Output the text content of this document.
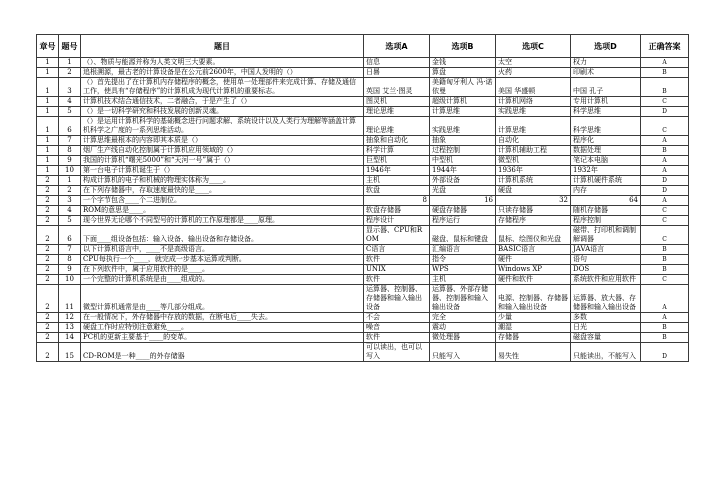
章号	题号	题目	选项A	选项B	选项C	选项D	正确答案
1	1	（）、物质与能源并称为人类文明三大要素。	信息	金钱	太空	权力	A
1	2	追根溯源，最古老的计算设备是在公元前2600年，中国人发明的（）	日晷	算盘	火药	印刷术	B
1	3	（）首先提出了在计算机内存储程序的概念，使用单一处理部件来完成计算、存储及通信工作，使具有“存储程序”的计算机成为现代计算机的重要标志。	英国 艾兰·图灵	美籍匈牙利人 冯·诺依曼	美国 华盛顿	中国 孔子	B
1	4	计算机技术结合通信技术，二者融合，于是产生了（）	图灵机	超级计算机	计算机网络	专用计算机	C
1	5	（）是一切科学研究和科技发展的创新灵魂。	理论思维	计算思维	实践思维	科学思维	D
1	6	（）是运用计算机科学的基础概念进行问题求解、系统设计以及人类行为理解等涵盖计算机科学之广度的一系列思维活动。	理论思维	实践思维	计算思维	科学思维	C
1	7	计算思维最根本的内容即其本质是（）	抽象和自动化	抽象	自动化	程序化	A
1	8	烟厂生产线自动化控制属于计算机应用领域的（）	科学计算	过程控制	计算机辅助工程	数据处理	B
1	9	我国的计算机“曙光5000”和“天河一号”属于（）	巨型机	中型机	微型机	笔记本电脑	A
1	10	第一台电子计算机诞生于（）	1946年	1944年	1936年	1932年	A
2	1	构成计算机的电子和机械的物理实体称为____。	主机	外部设备	计算机系统	计算机硬件系统	D
2	2	在下列存储器中，存取速度最快的是____。	软盘	光盘	硬盘	内存	D
2	3	一个字节包含____个二进制位。	8	16	32	64	A
2	4	ROM的意思是____。	软盘存储器	硬盘存储器	只读存储器	随机存储器	C
2	5	现今世界无论哪个不同型号的计算机的工作原理都是____原理。	程序设计	程序运行	存储程序	程序控制	C
2	6	下面____组设备包括：输入设备、输出设备和存储设备。	显示器、CPU和ROM	磁盘、鼠标和键盘	鼠标、绘图仪和光盘	磁带、打印机和调制解调器	C
2	7	以下计算机语言中，____不是高级语言。	C语言	汇编语言	BASIC语言	JAVA语言	B
2	8	CPU每执行一个____，就完成一步基本运算或判断。	软件	指令	硬件	语句	B
2	9	在下列软件中，属于应用软件的是____。	UNIX	WPS	Windows XP	DOS	B
2	10	一个完整的计算机系统是由____组成的。	软件	主机	硬件和软件	系统软件和应用软件	C
2	11	微型计算机通常是由____等几部分组成。	运算器、控制器、存储器和输入输出设备	运算器、外部存储器、控制器和输入输出设备	电源、控制器、存储器和输入输出设备	运算器、放大器、存储器和输入输出设备	A
2	12	在一般情况下，外存储器中存放的数据，在断电后____失去。	不会	完全	少量	多数	A
2	13	硬盘工作时应特别注意避免____。	噪音	震动	潮湿	日光	B
2	14	PC机的更新主要基于____的变革。	软件	微处理器	存储器	磁盘容量	B
2	15	CD-ROM是一种____的外存储器	可以读出，也可以写入	只能写入	易失性	只能读出，不能写入	D
